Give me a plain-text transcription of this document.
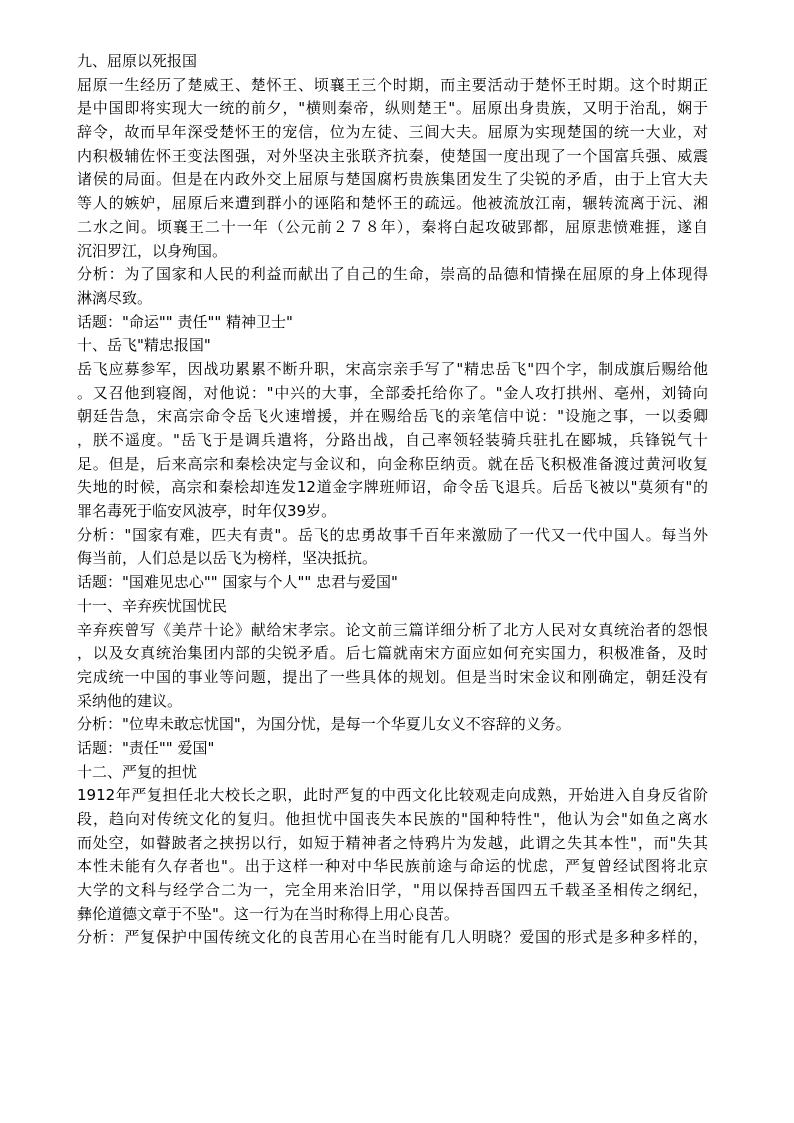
九、屈原以死报国
屈原一生经历了楚威王、楚怀王、顷襄王三个时期，而主要活动于楚怀王时期。这个时期正
是中国即将实现大一统的前夕，"横则秦帝，纵则楚王"。屈原出身贵族，又明于治乱，娴于
辞令，故而早年深受楚怀王的宠信，位为左徒、三闾大夫。屈原为实现楚国的统一大业，对
内积极辅佐怀王变法图强，对外坚决主张联齐抗秦，使楚国一度出现了一个国富兵强、威震
诸侯的局面。但是在内政外交上屈原与楚国腐朽贵族集团发生了尖锐的矛盾，由于上官大夫
等人的嫉妒，屈原后来遭到群小的诬陷和楚怀王的疏远。他被流放江南，辗转流离于沅、湘
二水之间。顷襄王二十一年（公元前２７８年），秦将白起攻破郢都，屈原悲愤难捱，遂自
沉汨罗江，以身殉国。
分析：为了国家和人民的利益而献出了自己的生命，崇高的品德和情操在屈原的身上体现得
淋漓尽致。
话题："命运"" 责任"" 精神卫士"
十、岳飞"精忠报国"
岳飞应募参军，因战功累累不断升职，宋高宗亲手写了"精忠岳飞"四个字，制成旗后赐给他
。又召他到寝阁，对他说："中兴的大事，全部委托给你了。"金人攻打拱州、亳州，刘锜向
朝廷告急，宋高宗命令岳飞火速增援，并在赐给岳飞的亲笔信中说："设施之事，一以委卿
，朕不遥度。"岳飞于是调兵遣将，分路出战，自己率领轻装骑兵驻扎在郾城，兵锋锐气十
足。但是，后来高宗和秦桧决定与金议和，向金称臣纳贡。就在岳飞积极准备渡过黄河收复
失地的时候，高宗和秦桧却连发12道金字牌班师诏，命令岳飞退兵。后岳飞被以"莫须有"的
罪名毒死于临安风波亭，时年仅39岁。
分析："国家有难，匹夫有责"。岳飞的忠勇故事千百年来激励了一代又一代中国人。每当外
侮当前，人们总是以岳飞为榜样，坚决抵抗。
话题："国难见忠心"" 国家与个人"" 忠君与爱国"
十一、辛弃疾忧国忧民
辛弃疾曾写《美芹十论》献给宋孝宗。论文前三篇详细分析了北方人民对女真统治者的怨恨
，以及女真统治集团内部的尖锐矛盾。后七篇就南宋方面应如何充实国力，积极准备，及时
完成统一中国的事业等问题，提出了一些具体的规划。但是当时宋金议和刚确定，朝廷没有
采纳他的建议。
分析："位卑未敢忘忧国"，为国分忧，是每一个华夏儿女义不容辞的义务。
话题："责任"" 爱国"
十二、严复的担忧
1912年严复担任北大校长之职，此时严复的中西文化比较观走向成熟，开始进入自身反省阶
段，趋向对传统文化的复归。他担忧中国丧失本民族的"国种特性"，他认为会"如鱼之离水
而处空，如瞽跛者之挟拐以行，如短于精神者之恃鸦片为发越，此谓之失其本性"，而"失其
本性未能有久存者也"。出于这样一种对中华民族前途与命运的忧虑，严复曾经试图将北京
大学的文科与经学合二为一，完全用来治旧学，"用以保持吾国四五千载圣圣相传之纲纪，
彝伦道德文章于不坠"。这一行为在当时称得上用心良苦。
分析：严复保护中国传统文化的良苦用心在当时能有几人明晓？爱国的形式是多种多样的，
